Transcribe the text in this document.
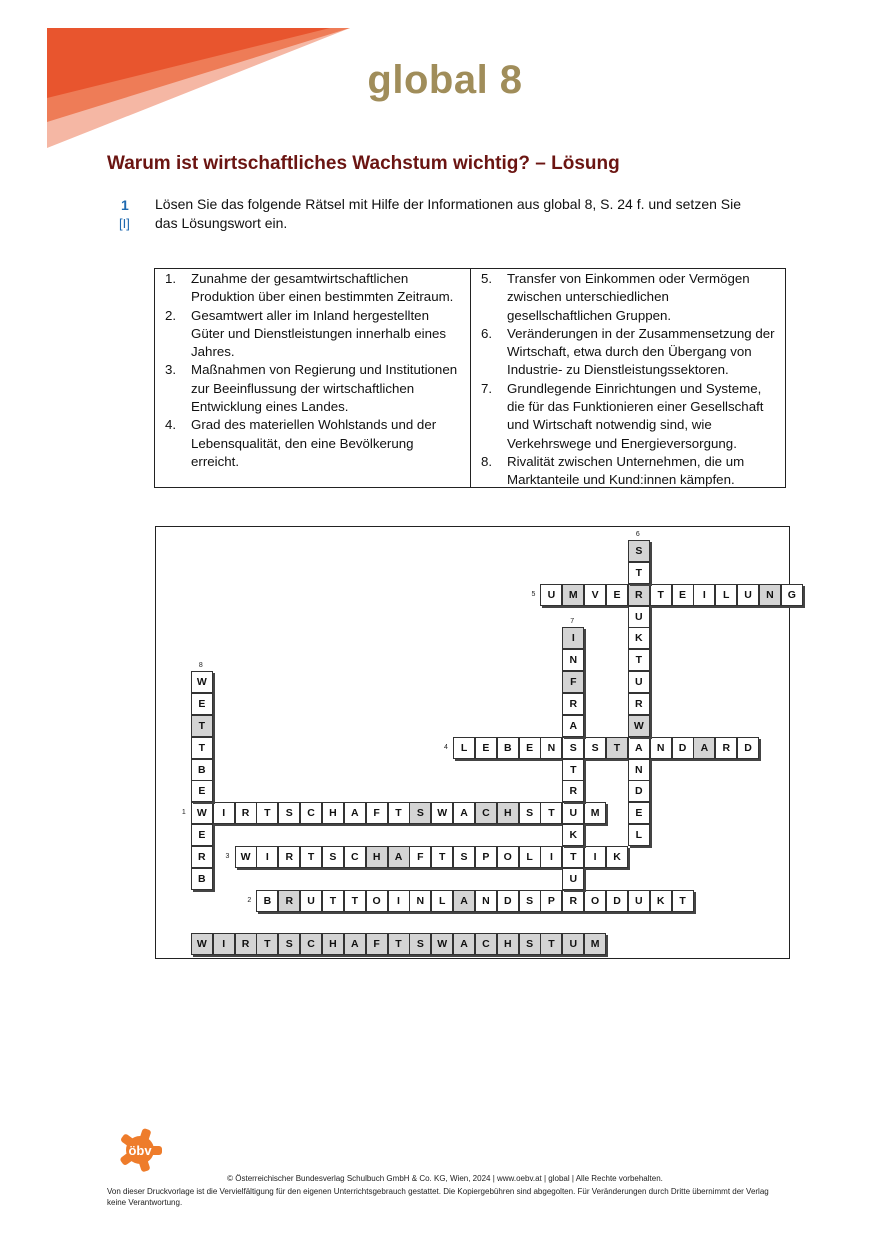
global 8
Warum ist wirtschaftliches Wachstum wichtig? – Lösung
1
[I]
Lösen Sie das folgende Rätsel mit Hilfe der Informationen aus global 8, S. 24 f. und setzen Sie das Lösungswort ein.
1.	Zunahme der gesamtwirtschaftlichen Produktion über einen bestimmten Zeitraum.
2.	Gesamtwert aller im Inland hergestellten Güter und Dienstleistungen innerhalb eines Jahres.
3.	Maßnahmen von Regierung und Institutionen zur Beeinflussung der wirtschaftlichen Entwicklung eines Landes.
4.	Grad des materiellen Wohlstands und der Lebensqualität, den eine Bevölkerung erreicht.
5.	Transfer von Einkommen oder Vermögen zwischen unterschiedlichen gesellschaftlichen Gruppen.
6.	Veränderungen in der Zusammensetzung der Wirtschaft, etwa durch den Übergang von Industrie- zu Dienstleistungssektoren.
7.	Grundlegende Einrichtungen und Systeme, die für das Funktionieren einer Gesellschaft und Wirtschaft notwendig sind, wie Verkehrswege und Energieversorgung.
8.	Rivalität zwischen Unternehmen, die um Marktanteile und Kund:innen kämpfen.
W	I	R	T	S	C	H	A	F	T	S	W	A	C	H	S	T	U	M
1
B	R	U	T	T	O	I	N	L	A	N	D	S	P	R	O	D	U	K	T
2
W	I	R	T	S	C	H	A	F	T	S	P	O	L	I	T	I	K
3
L	E	B	E	N	S	S	T	A	N	D	A	R	D
4
U	M	V	E	R	T	E	I	L	U	N	G
5
S
T
U
K
T
U
R
W
N
D
E
L
6
I
N
F
R
A
T
R
K
U
7
W
E
T
T
B
E
E
R
B
8
W	I	R	T	S	C	H	A	F	T	S	W	A	C	H	S	T	U	M
öbv
© Österreichischer Bundesverlag Schulbuch GmbH & Co. KG, Wien, 2024 | www.oebv.at | global | Alle Rechte vorbehalten.
Von dieser Druckvorlage ist die Vervielfältigung für den eigenen Unterrichtsgebrauch gestattet. Die Kopiergebühren sind abgegolten. Für Veränderungen durch Dritte übernimmt der Verlag keine Verantwortung.
